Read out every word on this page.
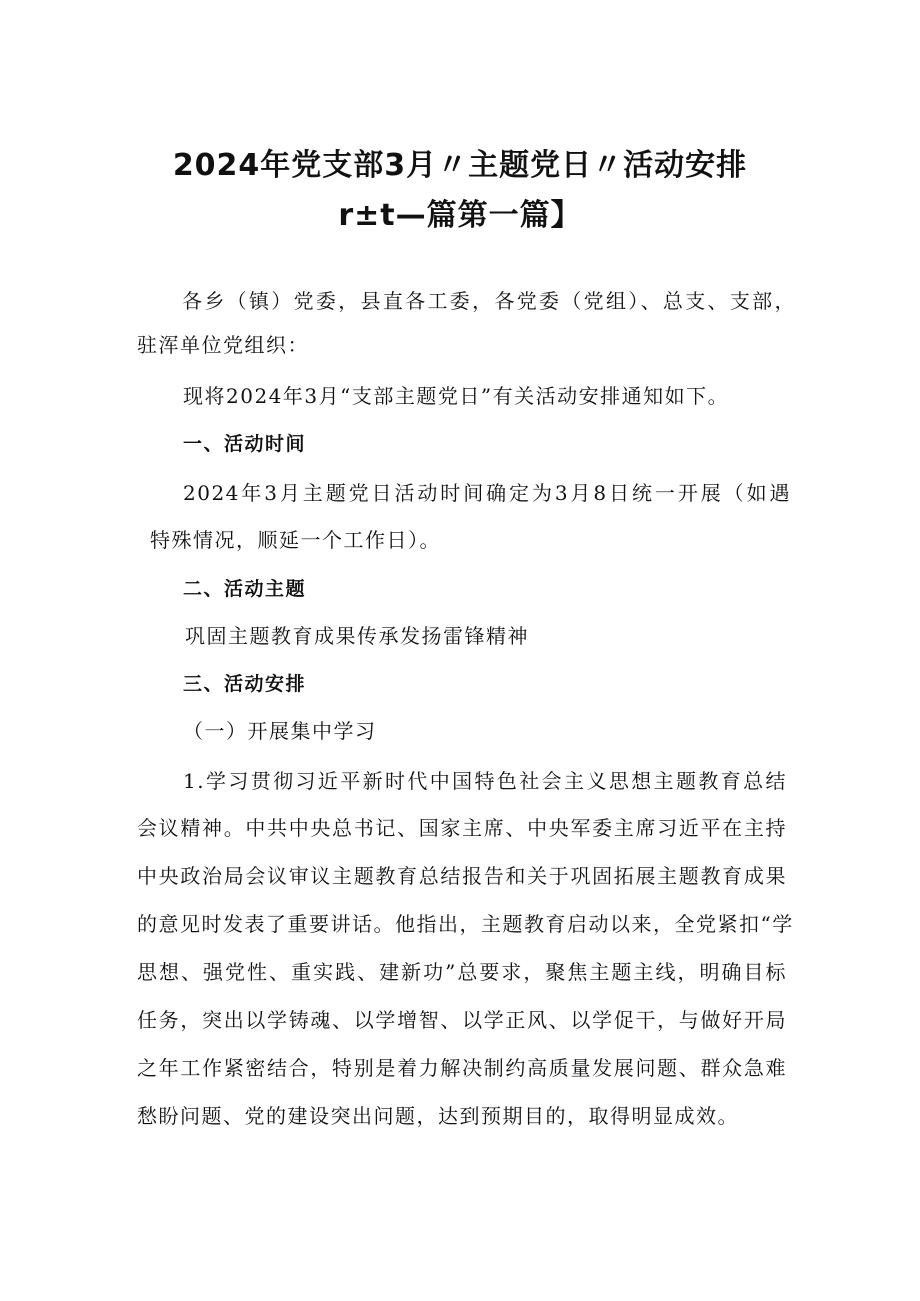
2024年党支部3月〃主题党日〃活动安排
r±t—篇第一篇】

各乡（镇）党委，县直各工委，各党委（党组）、总支、支部，

驻浑单位党组织：

现将2024年3月“支部主题党日”有关活动安排通知如下。

一、活动时间

2024年3月主题党日活动时间确定为3月8日统一开展（如遇

特殊情况，顺延一个工作日）。

二、活动主题

巩固主题教育成果传承发扬雷锋精神

三、活动安排

（一）开展集中学习

1.学习贯彻习近平新时代中国特色社会主义思想主题教育总结

会议精神。中共中央总书记、国家主席、中央军委主席习近平在主持

中央政治局会议审议主题教育总结报告和关于巩固拓展主题教育成果

的意见时发表了重要讲话。他指出，主题教育启动以来，全党紧扣“学

思想、强党性、重实践、建新功”总要求，聚焦主题主线，明确目标

任务，突出以学铸魂、以学增智、以学正风、以学促干，与做好开局

之年工作紧密结合，特别是着力解决制约高质量发展问题、群众急难

愁盼问题、党的建设突出问题，达到预期目的，取得明显成效。
